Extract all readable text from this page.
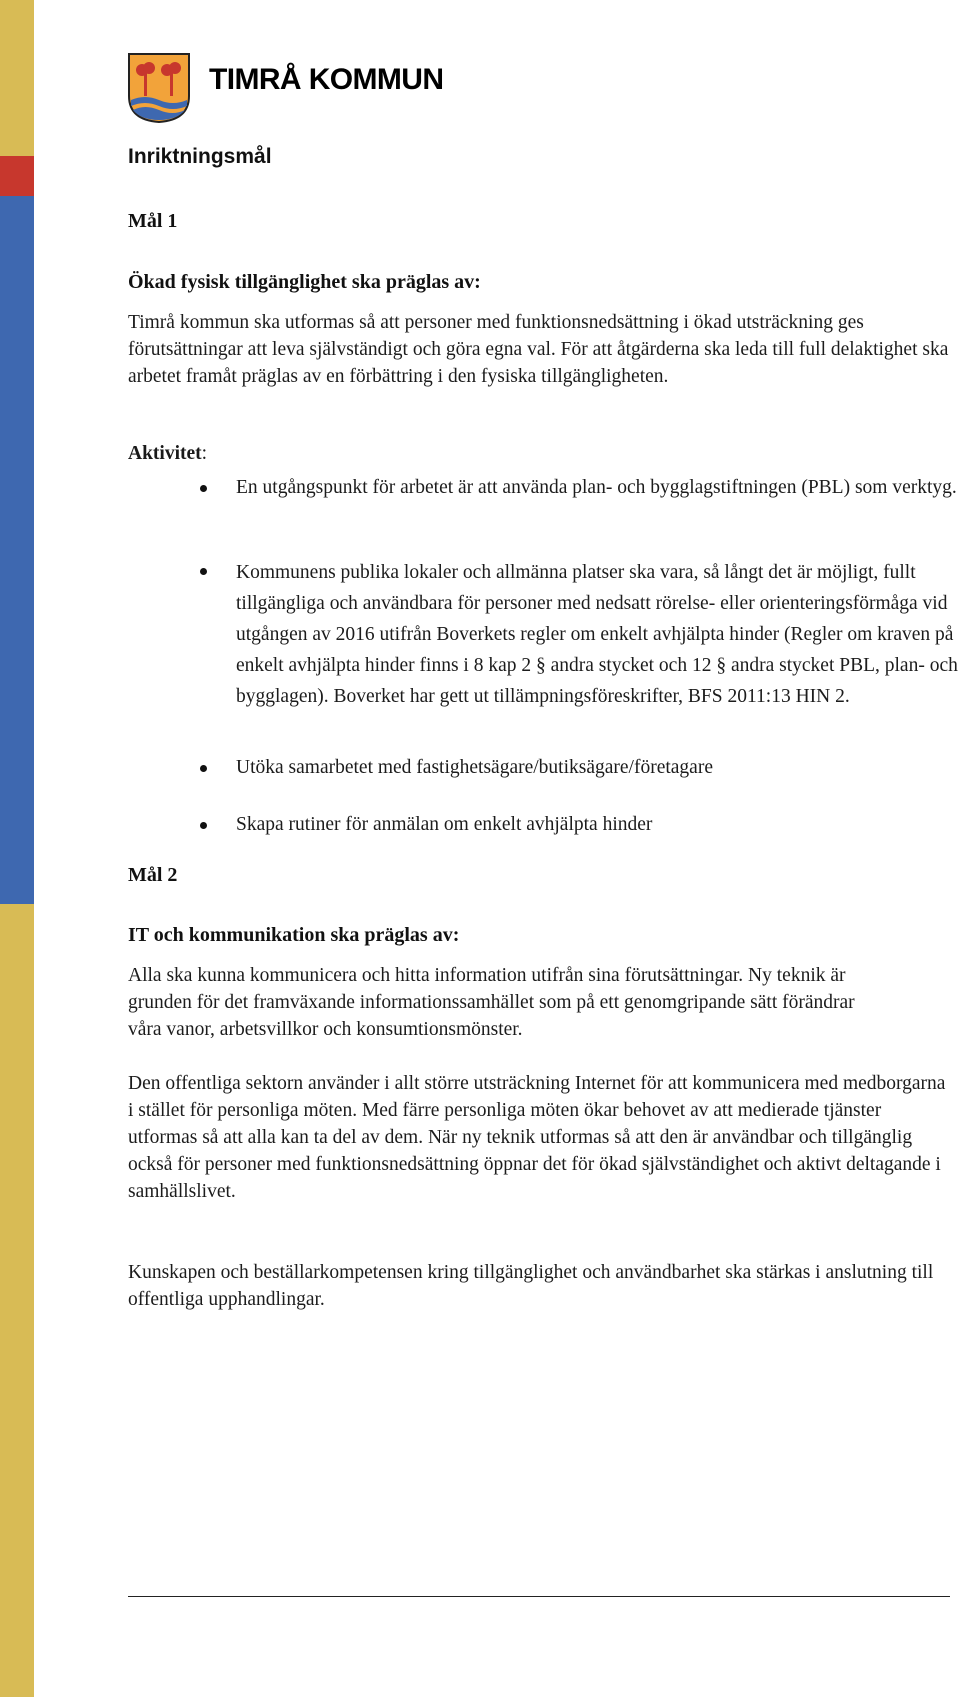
TIMRÅ KOMMUN
Inriktningsmål
Mål 1
Ökad fysisk tillgänglighet ska präglas av:

Timrå kommun ska utformas så att personer med funktionsnedsättning i ökad utsträckning ges förutsättningar att leva självständigt och göra egna val. För att åtgärderna ska leda till full delaktighet ska arbetet framåt präglas av en förbättring i den fysiska tillgängligheten.

Aktivitet:
En utgångspunkt för arbetet är att använda plan- och bygglagstiftningen (PBL) som verktyg.
Kommunens publika lokaler och allmänna platser ska vara, så långt det är möjligt, fullt tillgängliga och användbara för personer med nedsatt rörelse- eller orienteringsförmåga vid utgången av 2016 utifrån Boverkets regler om enkelt avhjälpta hinder (Regler om kraven på enkelt avhjälpta hinder finns i 8 kap 2 § andra stycket och 12 § andra stycket PBL, plan- och bygglagen). Boverket har gett ut tillämpningsföreskrifter, BFS 2011:13 HIN 2.
Utöka samarbetet med fastighetsägare/butiksägare/företagare
Skapa rutiner för anmälan om enkelt avhjälpta hinder
Mål 2
IT och kommunikation ska präglas av:

Alla ska kunna kommunicera och hitta information utifrån sina förutsättningar. Ny teknik är grunden för det framväxande informationssamhället som på ett genomgripande sätt förändrar våra vanor, arbetsvillkor och konsumtionsmönster.

Den offentliga sektorn använder i allt större utsträckning Internet för att kommunicera med medborgarna i stället för personliga möten. Med färre personliga möten ökar behovet av att medierade tjänster utformas så att alla kan ta del av dem. När ny teknik utformas så att den är användbar och tillgänglig också för personer med funktionsnedsättning öppnar det för ökad självständighet och aktivt deltagande i samhällslivet.

Kunskapen och beställarkompetensen kring tillgänglighet och användbarhet ska stärkas i anslutning till offentliga upphandlingar.
